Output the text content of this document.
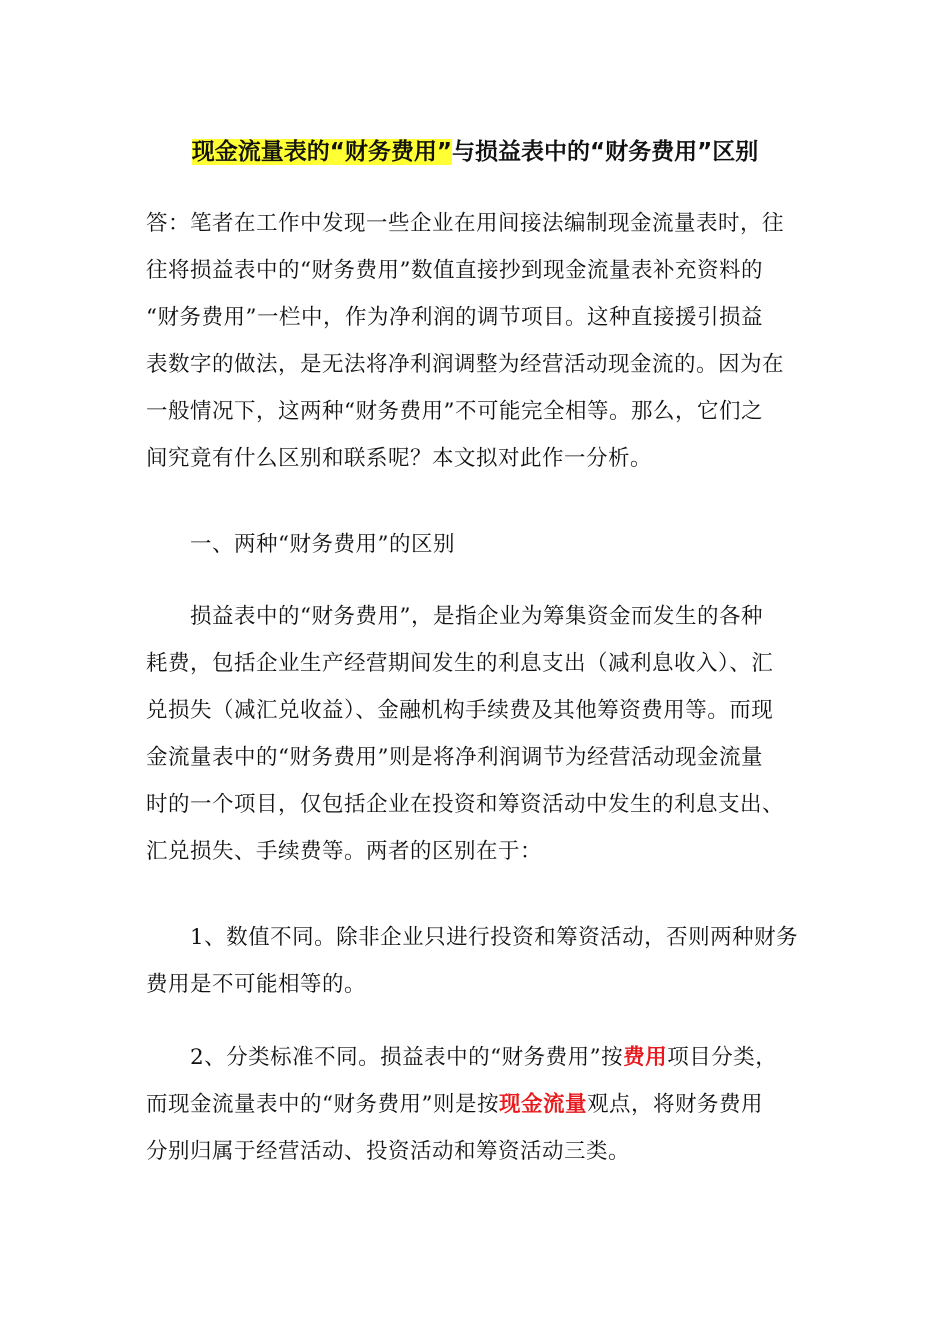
现金流量表的“财务费用”与损益表中的“财务费用”区别

答：笔者在工作中发现一些企业在用间接法编制现金流量表时，往
往将损益表中的“财务费用”数值直接抄到现金流量表补充资料的
“财务费用”一栏中，作为净利润的调节项目。这种直接援引损益
表数字的做法，是无法将净利润调整为经营活动现金流的。因为在
一般情况下，这两种“财务费用”不可能完全相等。那么，它们之
间究竟有什么区别和联系呢？本文拟对此作一分析。

一、两种“财务费用”的区别

损益表中的“财务费用”，是指企业为筹集资金而发生的各种
耗费，包括企业生产经营期间发生的利息支出（减利息收入）、汇
兑损失（减汇兑收益）、金融机构手续费及其他筹资费用等。而现
金流量表中的“财务费用”则是将净利润调节为经营活动现金流量
时的一个项目，仅包括企业在投资和筹资活动中发生的利息支出、
汇兑损失、手续费等。两者的区别在于：

1、数值不同。除非企业只进行投资和筹资活动，否则两种财务
费用是不可能相等的。

2、分类标准不同。损益表中的“财务费用”按费用项目分类，
而现金流量表中的“财务费用”则是按现金流量观点，将财务费用
分别归属于经营活动、投资活动和筹资活动三类。
